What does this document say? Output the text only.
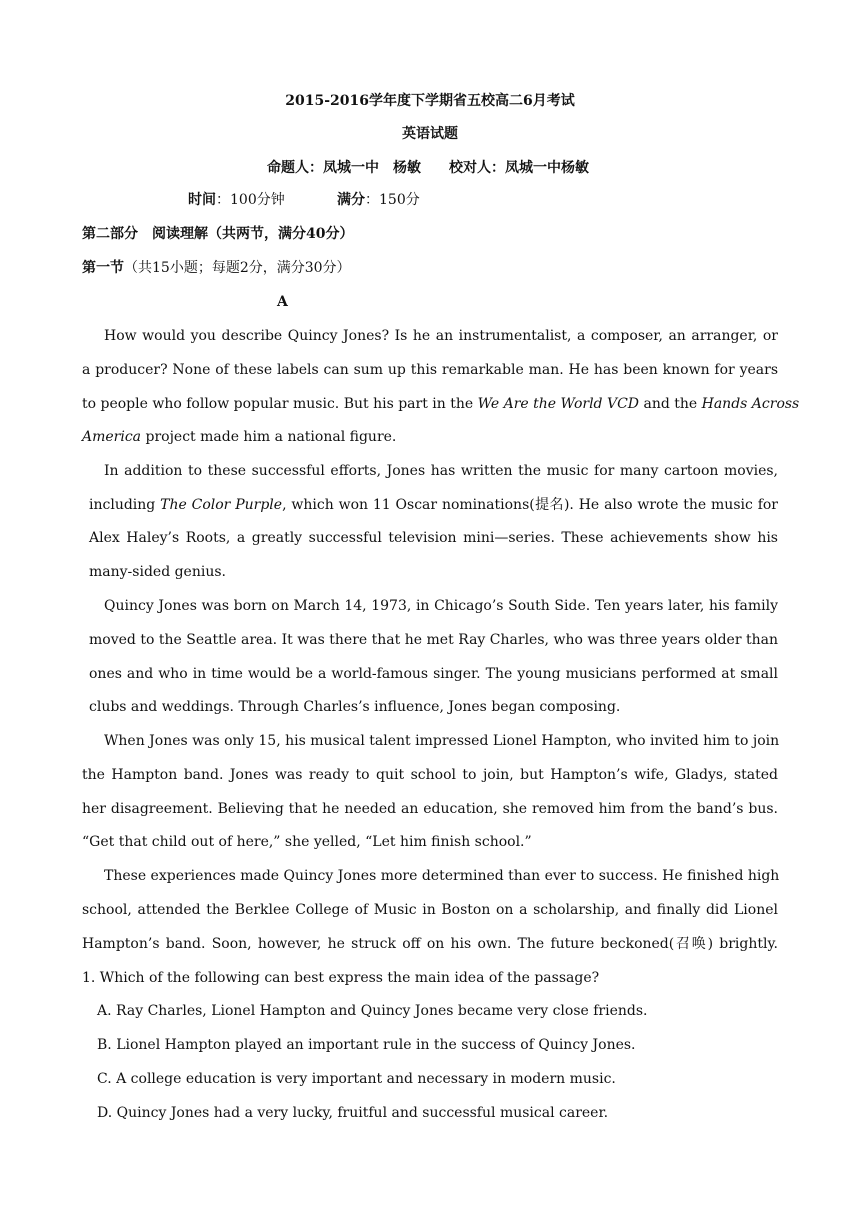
2015-2016学年度下学期省五校高二6月考试
英语试题
命题人：凤城一中　杨敏　　校对人：凤城一中杨敏
时间：100分钟	满分：150分
第二部分　阅读理解（共两节，满分40分）
第一节（共15小题；每题2分，满分30分）
A
How would you describe Quincy Jones? Is he an instrumentalist, a composer, an arranger, or
a producer? None of these labels can sum up this remarkable man. He has been known for years
to people who follow popular music. But his part in the We Are the World VCD and the Hands Across
America project made him a national figure.
In addition to these successful efforts, Jones has written the music for many cartoon movies,
including The Color Purple, which won 11 Oscar nominations(提名). He also wrote the music for
Alex Haley’s Roots, a greatly successful television mini—series. These achievements show his
many-sided genius.
Quincy Jones was born on March 14, 1973, in Chicago’s South Side. Ten years later, his family
moved to the Seattle area. It was there that he met Ray Charles, who was three years older than
ones and who in time would be a world-famous singer. The young musicians performed at small
clubs and weddings. Through Charles’s influence, Jones began composing.
When Jones was only 15, his musical talent impressed Lionel Hampton, who invited him to join
the Hampton band. Jones was ready to quit school to join, but Hampton’s wife, Gladys, stated
her disagreement. Believing that he needed an education, she removed him from the band’s bus.
“Get that child out of here,” she yelled, “Let him finish school.”
These experiences made Quincy Jones more determined than ever to success. He finished high
school, attended the Berklee College of Music in Boston on a scholarship, and finally did Lionel
Hampton’s band. Soon, however, he struck off on his own. The future beckoned(召唤) brightly.
1. Which of the following can best express the main idea of the passage?
A. Ray Charles, Lionel Hampton and Quincy Jones became very close friends.
B. Lionel Hampton played an important rule in the success of Quincy Jones.
C. A college education is very important and necessary in modern music.
D. Quincy Jones had a very lucky, fruitful and successful musical career.
